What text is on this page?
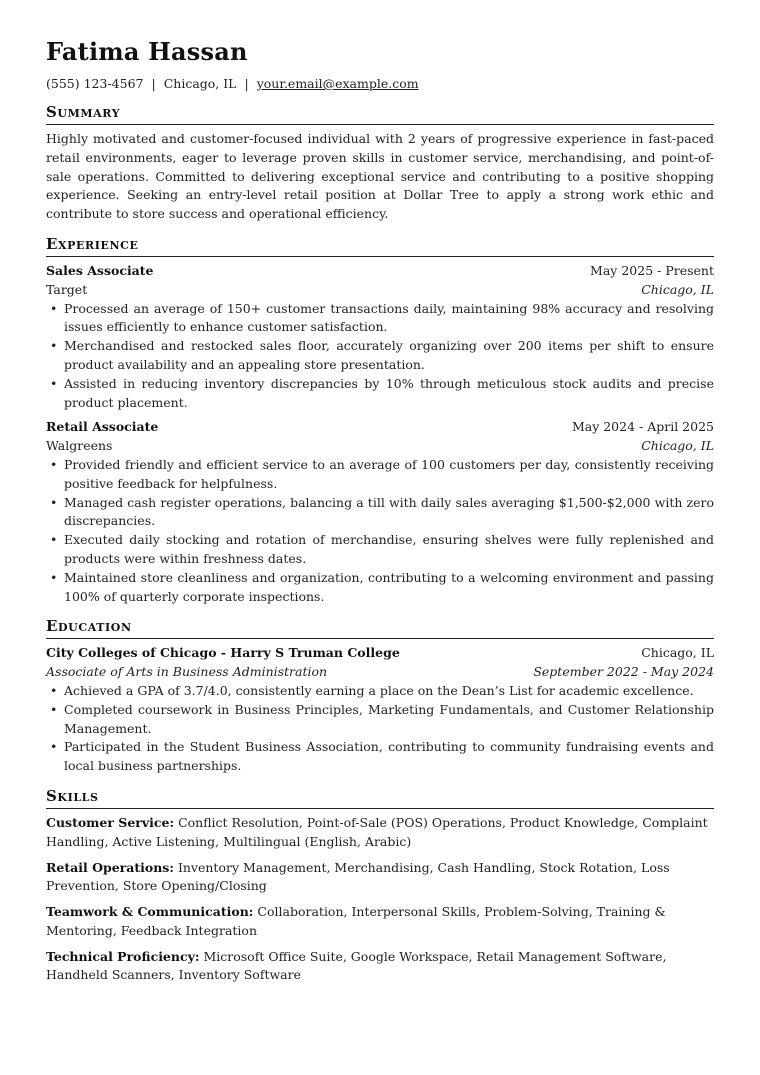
Fatima Hassan
(555) 123-4567 | Chicago, IL | your.email@example.com
Summary

Highly motivated and customer-focused individual with 2 years of progressive experience in fast-paced retail environments, eager to leverage proven skills in customer service, merchandising, and point-of-sale operations. Committed to delivering exceptional service and contributing to a positive shopping experience. Seeking an entry-level retail position at Dollar Tree to apply a strong work ethic and contribute to store success and operational efficiency.

Experience
Sales Associate	May 2025 - Present
Target	Chicago, IL
• Processed an average of 150+ customer transactions daily, maintaining 98% accuracy and resolving issues efficiently to enhance customer satisfaction.
• Merchandised and restocked sales floor, accurately organizing over 200 items per shift to ensure product availability and an appealing store presentation.
• Assisted in reducing inventory discrepancies by 10% through meticulous stock audits and precise product placement.
Retail Associate	May 2024 - April 2025
Walgreens	Chicago, IL
• Provided friendly and efficient service to an average of 100 customers per day, consistently receiving positive feedback for helpfulness.
• Managed cash register operations, balancing a till with daily sales averaging $1,500-$2,000 with zero discrepancies.
• Executed daily stocking and rotation of merchandise, ensuring shelves were fully replenished and products were within freshness dates.
• Maintained store cleanliness and organization, contributing to a welcoming environment and passing 100% of quarterly corporate inspections.
Education
City Colleges of Chicago - Harry S Truman College	Chicago, IL
Associate of Arts in Business Administration	September 2022 - May 2024
• Achieved a GPA of 3.7/4.0, consistently earning a place on the Dean’s List for academic excellence.
• Completed coursework in Business Principles, Marketing Fundamentals, and Customer Relationship Management.
• Participated in the Student Business Association, contributing to community fundraising events and local business partnerships.
Skills

Customer Service: Conflict Resolution, Point-of-Sale (POS) Operations, Product Knowledge, Complaint Handling, Active Listening, Multilingual (English, Arabic)

Retail Operations: Inventory Management, Merchandising, Cash Handling, Stock Rotation, Loss Prevention, Store Opening/Closing

Teamwork & Communication: Collaboration, Interpersonal Skills, Problem-Solving, Training & Mentoring, Feedback Integration

Technical Proficiency: Microsoft Office Suite, Google Workspace, Retail Management Software, Handheld Scanners, Inventory Software
